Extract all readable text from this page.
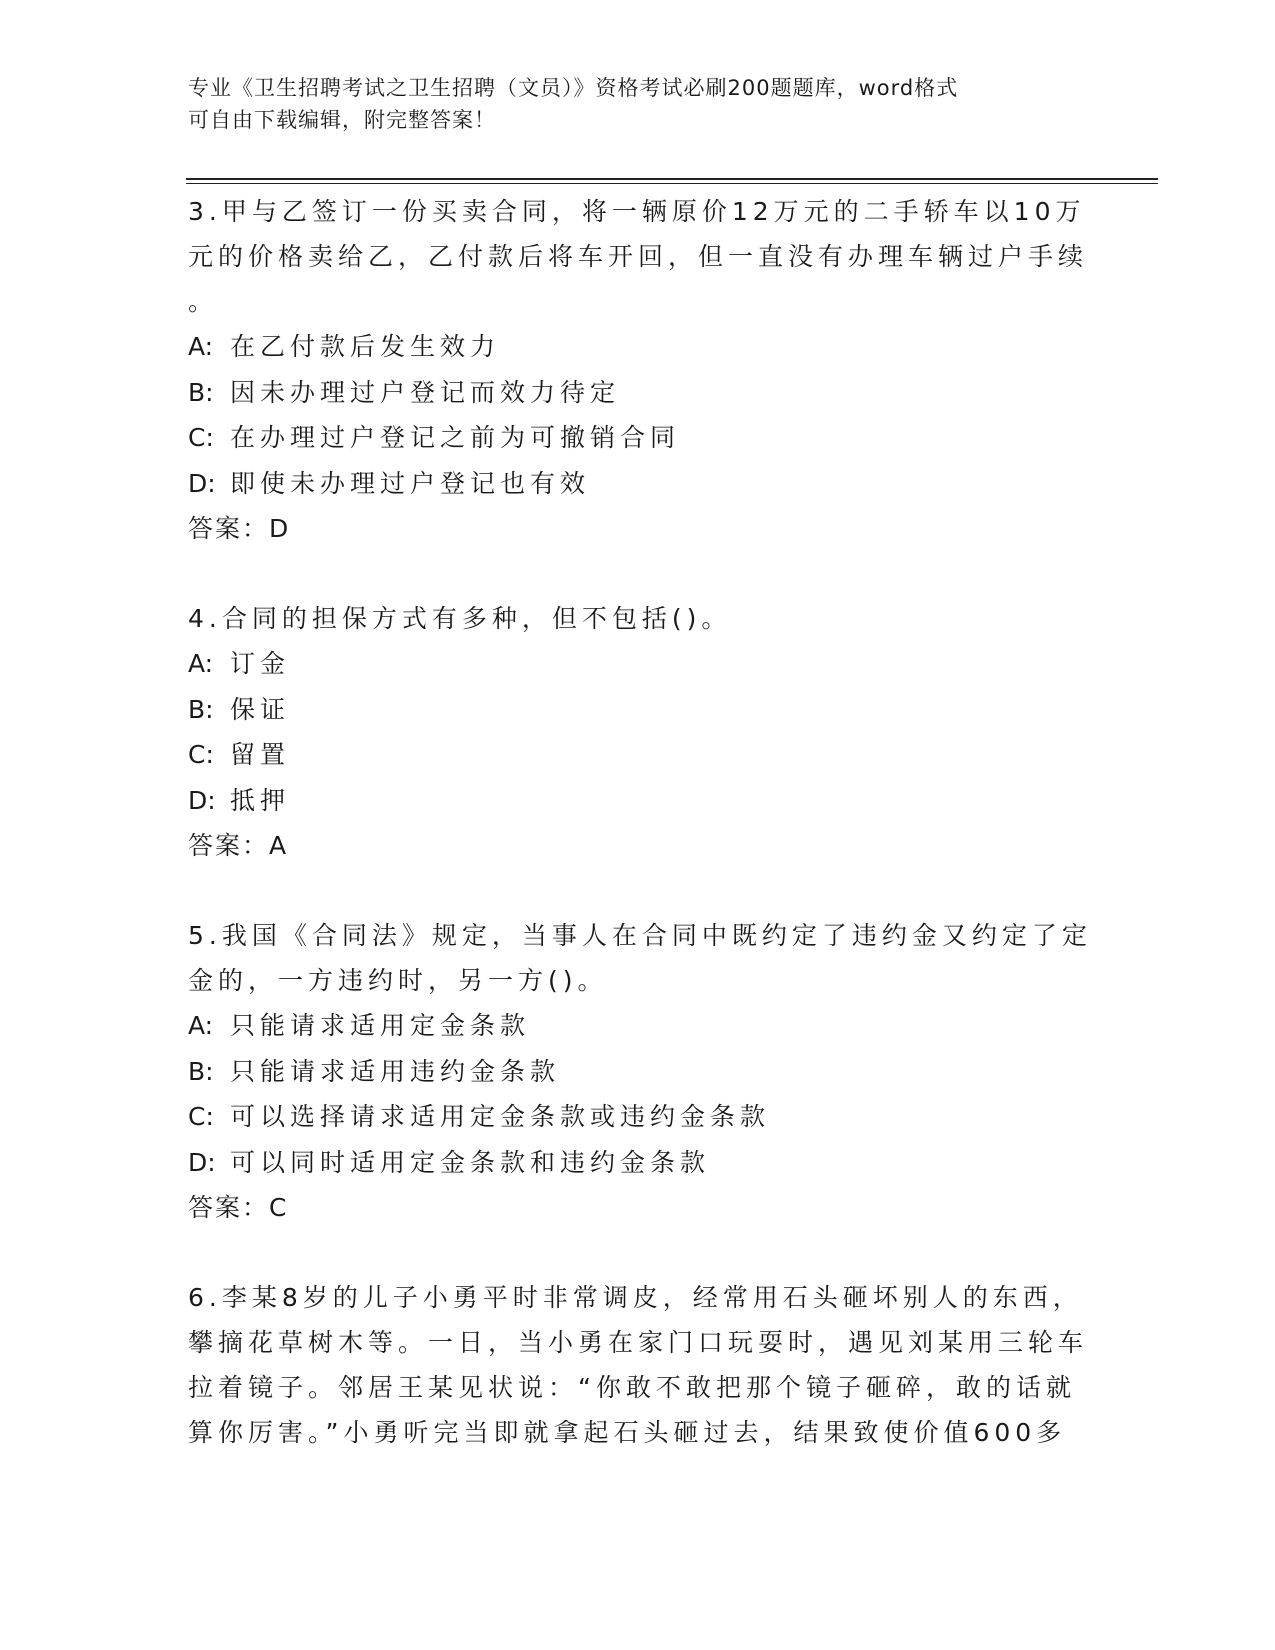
专业《卫生招聘考试之卫生招聘（文员）》资格考试必刷200题题库，word格式
可自由下载编辑，附完整答案！
3.甲与乙签订一份买卖合同，将一辆原价12万元的二手轿车以10万
元的价格卖给乙，乙付款后将车开回，但一直没有办理车辆过户手续
。
A: 在乙付款后发生效力
B: 因未办理过户登记而效力待定
C: 在办理过户登记之前为可撤销合同
D: 即使未办理过户登记也有效
答案：D
4.合同的担保方式有多种，但不包括()。
A: 订金
B: 保证
C: 留置
D: 抵押
答案：A
5.我国《合同法》规定，当事人在合同中既约定了违约金又约定了定
金的，一方违约时，另一方()。
A: 只能请求适用定金条款
B: 只能请求适用违约金条款
C: 可以选择请求适用定金条款或违约金条款
D: 可以同时适用定金条款和违约金条款
答案：C
6.李某8岁的儿子小勇平时非常调皮，经常用石头砸坏别人的东西，
攀摘花草树木等。一日，当小勇在家门口玩耍时，遇见刘某用三轮车
拉着镜子。邻居王某见状说：“你敢不敢把那个镜子砸碎，敢的话就
算你厉害。”小勇听完当即就拿起石头砸过去，结果致使价值600多
